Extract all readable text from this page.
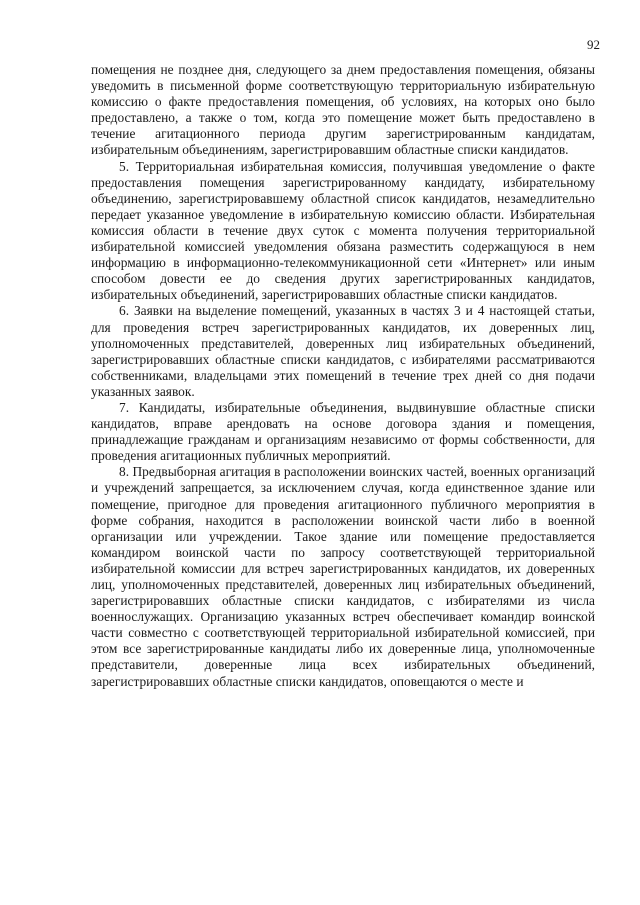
92

помещения не позднее дня, следующего за днем предоставления помещения, обязаны уведомить в письменной форме соответствующую территориальную избирательную комиссию о факте предоставления помещения, об условиях, на которых оно было предоставлено, а также о том, когда это помещение может быть предоставлено в течение агитационного периода другим зарегистрированным кандидатам, избирательным объединениям, зарегистрировавшим областные списки кандидатов.

5. Территориальная избирательная комиссия, получившая уведомление о факте предоставления помещения зарегистрированному кандидату, избирательному объединению, зарегистрировавшему областной список кандидатов, незамедлительно передает указанное уведомление в избирательную комиссию области. Избирательная комиссия области в течение двух суток с момента получения территориальной избирательной комиссией уведомления обязана разместить содержащуюся в нем информацию в информационно-телекоммуникационной сети «Интернет» или иным способом довести ее до сведения других зарегистрированных кандидатов, избирательных объединений, зарегистрировавших областные списки кандидатов.

6. Заявки на выделение помещений, указанных в частях 3 и 4 настоящей статьи, для проведения встреч зарегистрированных кандидатов, их доверенных лиц, уполномоченных представителей, доверенных лиц избирательных объединений, зарегистрировавших областные списки кандидатов, с избирателями рассматриваются собственниками, владельцами этих помещений в течение трех дней со дня подачи указанных заявок.

7. Кандидаты, избирательные объединения, выдвинувшие областные списки кандидатов, вправе арендовать на основе договора здания и помещения, принадлежащие гражданам и организациям независимо от формы собственности, для проведения агитационных публичных мероприятий.

8. Предвыборная агитация в расположении воинских частей, военных организаций и учреждений запрещается, за исключением случая, когда единственное здание или помещение, пригодное для проведения агитационного публичного мероприятия в форме собрания, находится в расположении воинской части либо в военной организации или учреждении. Такое здание или помещение предоставляется командиром воинской части по запросу соответствующей территориальной избирательной комиссии для встреч зарегистрированных кандидатов, их доверенных лиц, уполномоченных представителей, доверенных лиц избирательных объединений, зарегистрировавших областные списки кандидатов, с избирателями из числа военнослужащих. Организацию указанных встреч обеспечивает командир воинской части совместно с соответствующей территориальной избирательной комиссией, при этом все зарегистрированные кандидаты либо их доверенные лица, уполномоченные представители, доверенные лица всех избирательных объединений, зарегистрировавших областные списки кандидатов, оповещаются о месте и
